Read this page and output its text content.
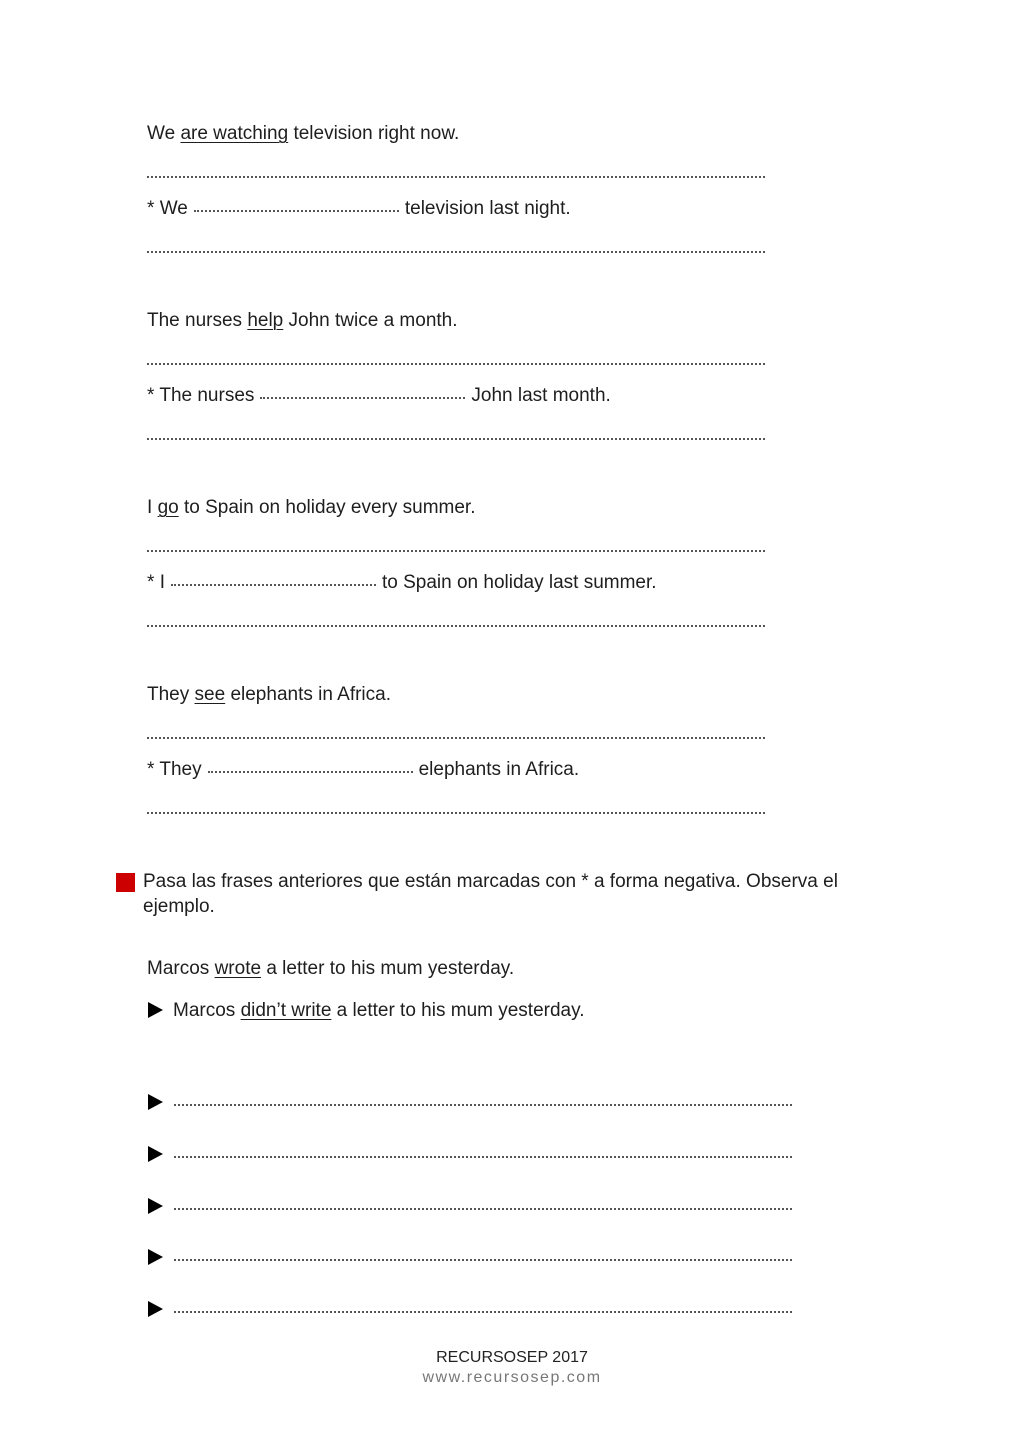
We are watching television right now.
* We	television last night.
The nurses help John twice a month.
* The nurses	John last month.
I go to Spain on holiday every summer.
* I	to Spain on holiday last summer.
They see elephants in Africa.
* They	elephants in Africa.
Pasa las frases anteriores que están marcadas con * a forma negativa. Observa el ejemplo.
Marcos wrote a letter to his mum yesterday.
Marcos didn’t write a letter to his mum yesterday.
RECURSOSEP 2017
www.recursosep.com
